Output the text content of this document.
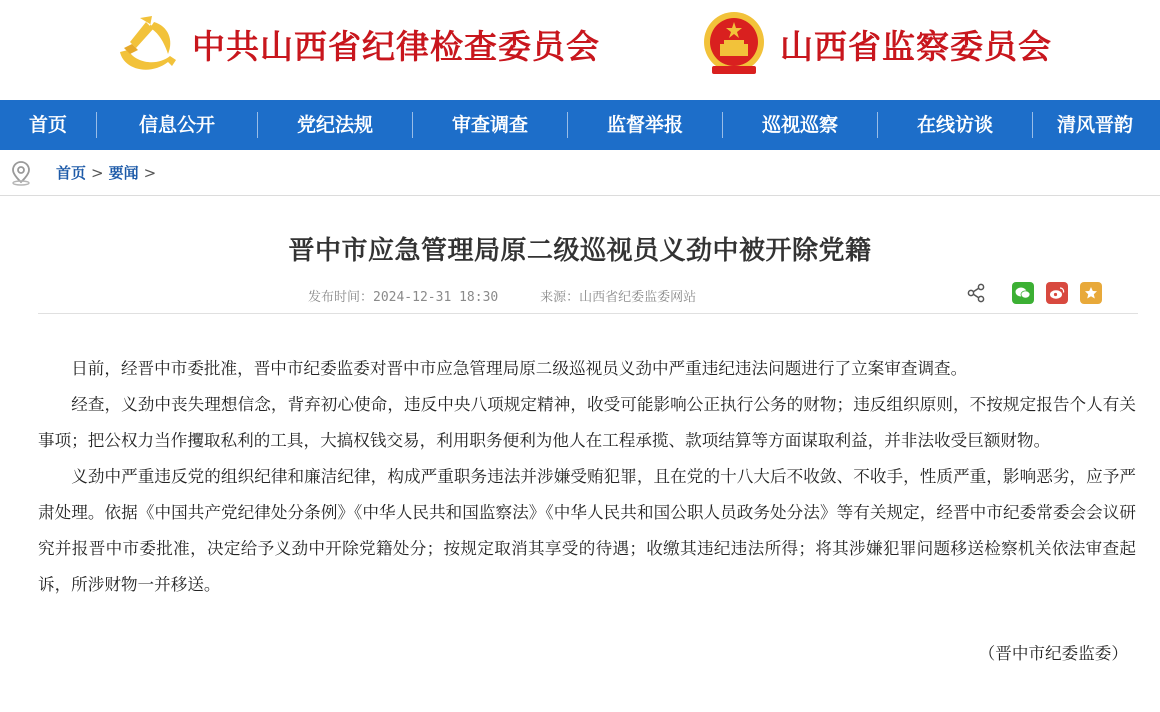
中共山西省纪律检查委员会	山西省监察委员会
首页	信息公开	党纪法规	审查调查	监督举报	巡视巡察	在线访谈	清风晋韵
首页 > 要闻 >
晋中市应急管理局原二级巡视员义劲中被开除党籍
发布时间：2024-12-31 18:30	来源：山西省纪委监委网站

日前，经晋中市委批准，晋中市纪委监委对晋中市应急管理局原二级巡视员义劲中严重违纪违法问题进行了立案审查调查。

经查，义劲中丧失理想信念，背弃初心使命，违反中央八项规定精神，收受可能影响公正执行公务的财物；违反组织原则，不按规定报告个人有关事项；把公权力当作攫取私利的工具，大搞权钱交易，利用职务便利为他人在工程承揽、款项结算等方面谋取利益，并非法收受巨额财物。

义劲中严重违反党的组织纪律和廉洁纪律，构成严重职务违法并涉嫌受贿犯罪，且在党的十八大后不收敛、不收手，性质严重，影响恶劣，应予严肃处理。依据《中国共产党纪律处分条例》《中华人民共和国监察法》《中华人民共和国公职人员政务处分法》等有关规定，经晋中市纪委常委会会议研究并报晋中市委批准，决定给予义劲中开除党籍处分；按规定取消其享受的待遇；收缴其违纪违法所得；将其涉嫌犯罪问题移送检察机关依法审查起诉，所涉财物一并移送。

（晋中市纪委监委）
